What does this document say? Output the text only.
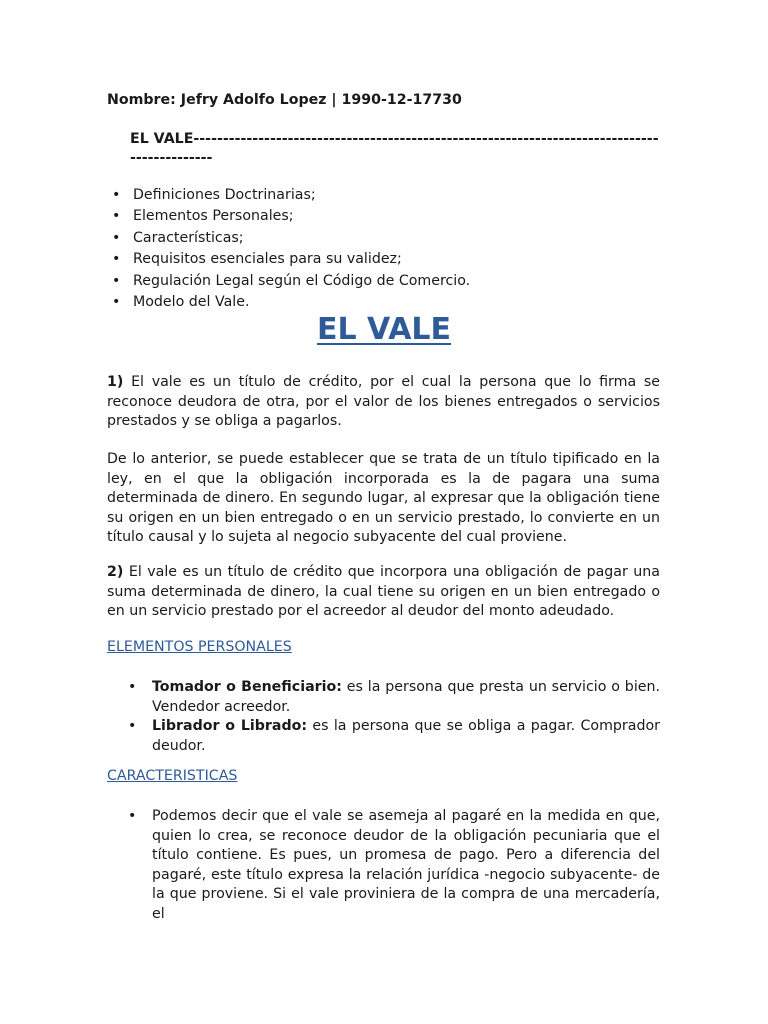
Nombre: Jefry Adolfo Lopez | 1990-12-17730

EL VALE---------------------------------------------------------------------------------------------

• Definiciones Doctrinarias;
• Elementos Personales;
• Características;
• Requisitos esenciales para su validez;
• Regulación Legal según el Código de Comercio.
• Modelo del Vale.
EL VALE

1) El vale es un título de crédito, por el cual la persona que lo firma se reconoce deudora de otra, por el valor de los bienes entregados o servicios prestados y se obliga a pagarlos.

De lo anterior, se puede establecer que se trata de un título tipificado en la ley, en el que la obligación incorporada es la de pagara una suma determinada de dinero. En segundo lugar, al expresar que la obligación tiene su origen en un bien entregado o en un servicio prestado, lo convierte en un título causal y lo sujeta al negocio subyacente del cual proviene.

2) El vale es un título de crédito que incorpora una obligación de pagar una suma determinada de dinero, la cual tiene su origen en un bien entregado o en un servicio prestado por el acreedor al deudor del monto adeudado.

ELEMENTOS PERSONALES

• Tomador o Beneficiario: es la persona que presta un servicio o bien. Vendedor acreedor.
• Librador o Librado: es la persona que se obliga a pagar. Comprador deudor.

CARACTERISTICAS

• Podemos decir que el vale se asemeja al pagaré en la medida en que, quien lo crea, se reconoce deudor de la obligación pecuniaria que el título contiene. Es pues, un promesa de pago. Pero a diferencia del pagaré, este título expresa la relación jurídica -negocio subyacente- de la que proviene. Si el vale proviniera de la compra de una mercadería, el
